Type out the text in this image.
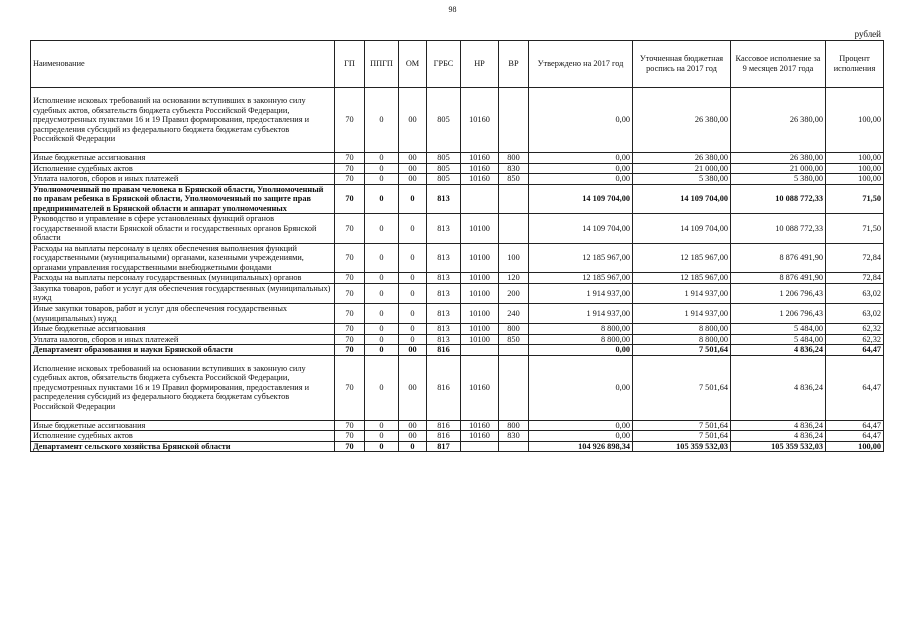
98
рублей
Наименование	ГП	ППГП	ОМ	ГРБС	НР	ВР	Утверждено на 2017 год	Уточненная бюджетная роспись на 2017 год	Кассовое исполнение за 9 месяцев 2017 года	Процент исполнения
Исполнение исковых требований на основании вступивших в законную силу судебных актов, обязательств бюджета субъекта Российской Федерации, предусмотренных пунктами 16 и 19 Правил формирования, предоставления и распределения субсидий из федерального бюджета бюджетам субъектов Российской Федерации	70	0	00	805	10160		0,00	26 380,00	26 380,00	100,00
Иные бюджетные ассигнования	70	0	00	805	10160	800	0,00	26 380,00	26 380,00	100,00
Исполнение судебных актов	70	0	00	805	10160	830	0,00	21 000,00	21 000,00	100,00
Уплата налогов, сборов и иных платежей	70	0	00	805	10160	850	0,00	5 380,00	5 380,00	100,00
Уполномоченный по правам человека в Брянской области, Уполномоченный по правам ребенка в Брянской области, Уполномоченный по защите прав предпринимателей в Брянской области и аппарат уполномоченных	70	0	0	813			14 109 704,00	14 109 704,00	10 088 772,33	71,50
Руководство и управление в сфере установленных функций органов государственной власти Брянской области и государственных органов Брянской области	70	0	0	813	10100		14 109 704,00	14 109 704,00	10 088 772,33	71,50
Расходы на выплаты персоналу в целях обеспечения выполнения функций государственными (муниципальными) органами, казенными учреждениями, органами управления государственными внебюджетными фондами	70	0	0	813	10100	100	12 185 967,00	12 185 967,00	8 876 491,90	72,84
Расходы на выплаты персоналу государственных (муниципальных) органов	70	0	0	813	10100	120	12 185 967,00	12 185 967,00	8 876 491,90	72,84
Закупка товаров, работ и услуг для обеспечения государственных (муниципальных) нужд	70	0	0	813	10100	200	1 914 937,00	1 914 937,00	1 206 796,43	63,02
Иные закупки товаров, работ и услуг для обеспечения государственных (муниципальных) нужд	70	0	0	813	10100	240	1 914 937,00	1 914 937,00	1 206 796,43	63,02
Иные бюджетные ассигнования	70	0	0	813	10100	800	8 800,00	8 800,00	5 484,00	62,32
Уплата налогов, сборов и иных платежей	70	0	0	813	10100	850	8 800,00	8 800,00	5 484,00	62,32
Департамент образования и науки Брянской области	70	0	00	816			0,00	7 501,64	4 836,24	64,47
Исполнение исковых требований на основании вступивших в законную силу судебных актов, обязательств бюджета субъекта Российской Федерации, предусмотренных пунктами 16 и 19 Правил формирования, предоставления и распределения субсидий из федерального бюджета бюджетам субъектов Российской Федерации	70	0	00	816	10160		0,00	7 501,64	4 836,24	64,47
Иные бюджетные ассигнования	70	0	00	816	10160	800	0,00	7 501,64	4 836,24	64,47
Исполнение судебных актов	70	0	00	816	10160	830	0,00	7 501,64	4 836,24	64,47
Департамент сельского хозяйства Брянской области	70	0	0	817			104 926 898,34	105 359 532,03	105 359 532,03	100,00
